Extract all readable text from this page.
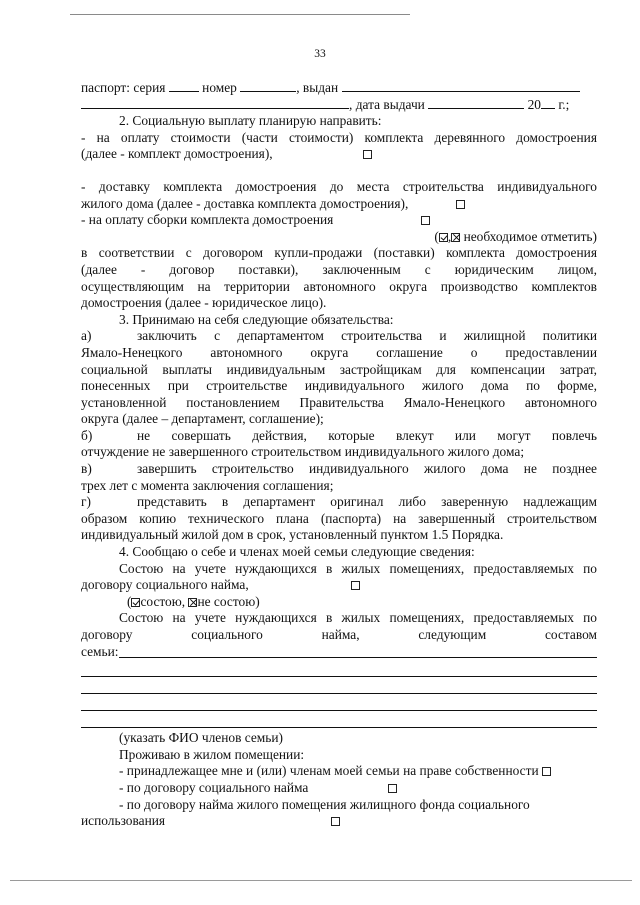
33

паспорт: серия	номер	, выдан

, дата выдачи	20 г.;

2. Социальную выплату планирую направить:

- на оплату стоимости (части стоимости) комплекта деревянного домостроения

(далее - комплект домостроения),

- доставку комплекта домостроения до места строительства индивидуального

жилого дома (далее - доставка комплекта домостроения),

- на оплату сборки комплекта домостроения

( , необходимое отметить)

в соответствии с договором купли-продажи (поставки) комплекта домостроения

(далее - договор поставки), заключенным с юридическим лицом,

осуществляющим на территории автономного округа производство комплектов

домостроения (далее - юридическое лицо).

3. Принимаю на себя следующие обязательства:

а)	заключить с департаментом строительства и жилищной политики

Ямало-Ненецкого автономного округа соглашение о предоставлении

социальной выплаты индивидуальным застройщикам для компенсации затрат,

понесенных при строительстве индивидуального жилого дома по форме,

установленной постановлением Правительства Ямало-Ненецкого автономного

округа (далее – департамент, соглашение);

б)	не совершать действия, которые влекут или могут повлечь

отчуждение не завершенного строительством индивидуального жилого дома;

в)	завершить строительство индивидуального жилого дома не позднее

трех лет с момента заключения соглашения;

г)	представить в департамент оригинал либо заверенную надлежащим

образом копию технического плана (паспорта) на завершенный строительством

индивидуальный жилой дом в срок, установленный пунктом 1.5 Порядка.

4. Сообщаю о себе и членах моей семьи следующие сведения:

Состою на учете нуждающихся в жилых помещениях, предоставляемых по

договору социального найма,

( состою, не состою)

Состою на учете нуждающихся в жилых помещениях, предоставляемых по

договору социального найма, следующим составом

семьи:

(указать ФИО членов семьи)

Проживаю в жилом помещении:

- принадлежащее мне и (или) членам моей семьи на праве собственности

- по договору социального найма

- по договору найма жилого помещения жилищного фонда социального

использования
